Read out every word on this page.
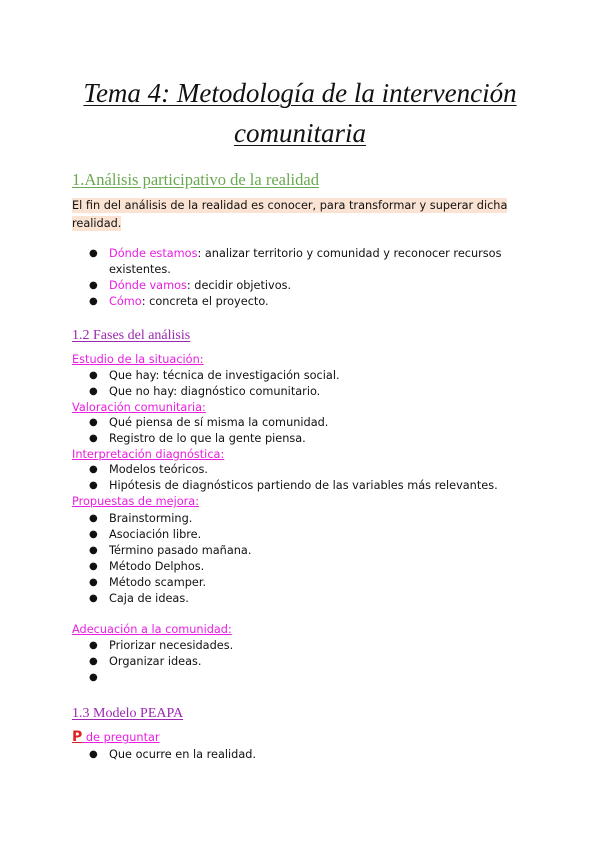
Tema 4: Metodología de la intervención
comunitaria
1.Análisis participativo de la realidad
El fin del análisis de la realidad es conocer, para transformar y superar dicha
realidad.
● Dónde estamos: analizar territorio y comunidad y reconocer recursos
existentes.
● Dónde vamos: decidir objetivos.
● Cómo: concreta el proyecto.
1.2 Fases del análisis
Estudio de la situación:
● Que hay: técnica de investigación social.
● Que no hay: diagnóstico comunitario.
Valoración comunitaria:
● Qué piensa de sí misma la comunidad.
● Registro de lo que la gente piensa.
Interpretación diagnóstica:
● Modelos teóricos.
● Hipótesis de diagnósticos partiendo de las variables más relevantes.
Propuestas de mejora:
● Brainstorming.
● Asociación libre.
● Término pasado mañana.
● Método Delphos.
● Método scamper.
● Caja de ideas.
Adecuación a la comunidad:
● Priorizar necesidades.
● Organizar ideas.
●
1.3 Modelo PEAPA
P de preguntar
● Que ocurre en la realidad.
